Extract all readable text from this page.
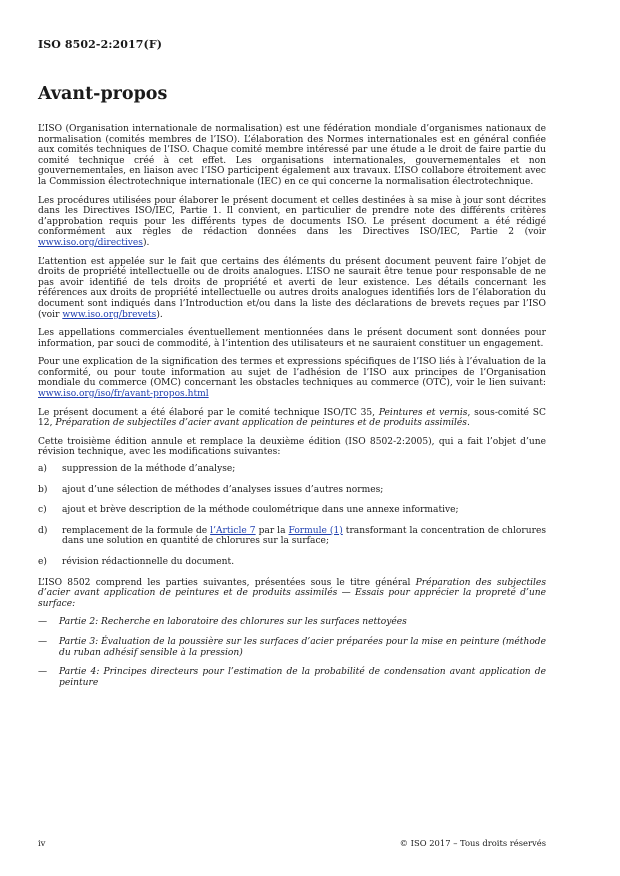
ISO 8502-2:2017(F)
Avant-propos

L’ISO (Organisation internationale de normalisation) est une fédération mondiale d’organismes nationaux de normalisation (comités membres de l’ISO). L’élaboration des Normes internationales est en général confiée aux comités techniques de l’ISO. Chaque comité membre intéressé par une étude a le droit de faire partie du comité technique créé à cet effet. Les organisations internationales, gouvernementales et non gouvernementales, en liaison avec l’ISO participent également aux travaux. L’ISO collabore étroitement avec la Commission électrotechnique internationale (IEC) en ce qui concerne la normalisation électrotechnique.

Les procédures utilisées pour élaborer le présent document et celles destinées à sa mise à jour sont décrites dans les Directives ISO/IEC, Partie 1. Il convient, en particulier de prendre note des différents critères d’approbation requis pour les différents types de documents ISO. Le présent document a été rédigé conformément aux règles de rédaction données dans les Directives ISO/IEC, Partie 2 (voir www.iso.org/directives).

L’attention est appelée sur le fait que certains des éléments du présent document peuvent faire l’objet de droits de propriété intellectuelle ou de droits analogues. L’ISO ne saurait être tenue pour responsable de ne pas avoir identifié de tels droits de propriété et averti de leur existence. Les détails concernant les références aux droits de propriété intellectuelle ou autres droits analogues identifiés lors de l’élaboration du document sont indiqués dans l’Introduction et/ou dans la liste des déclarations de brevets reçues par l’ISO (voir www.iso.org/brevets).

Les appellations commerciales éventuellement mentionnées dans le présent document sont données pour information, par souci de commodité, à l’intention des utilisateurs et ne sauraient constituer un engagement.

Pour une explication de la signification des termes et expressions spécifiques de l’ISO liés à l’évaluation de la conformité, ou pour toute information au sujet de l’adhésion de l’ISO aux principes de l’Organisation mondiale du commerce (OMC) concernant les obstacles techniques au commerce (OTC), voir le lien suivant: www.iso.org/iso/fr/avant-propos.html

Le présent document a été élaboré par le comité technique ISO/TC 35, Peintures et vernis, sous-comité SC 12, Préparation de subjectiles d’acier avant application de peintures et de produits assimilés.

Cette troisième édition annule et remplace la deuxième édition (ISO 8502-2:2005), qui a fait l’objet d’une révision technique, avec les modifications suivantes:

a)	suppression de la méthode d’analyse;
b)	ajout d’une sélection de méthodes d’analyses issues d’autres normes;
c)	ajout et brève description de la méthode coulométrique dans une annexe informative;
d)	remplacement de la formule de l’Article 7 par la Formule (1) transformant la concentration de chlorures dans une solution en quantité de chlorures sur la surface;
e)	révision rédactionnelle du document.

L’ISO 8502 comprend les parties suivantes, présentées sous le titre général Préparation des subjectiles d’acier avant application de peintures et de produits assimilés — Essais pour apprécier la propreté d’une surface:

—	Partie 2: Recherche en laboratoire des chlorures sur les surfaces nettoyées
—	Partie 3: Évaluation de la poussière sur les surfaces d’acier préparées pour la mise en peinture (méthode du ruban adhésif sensible à la pression)
—	Partie 4: Principes directeurs pour l’estimation de la probabilité de condensation avant application de peinture
iv	© ISO 2017 – Tous droits réservés
